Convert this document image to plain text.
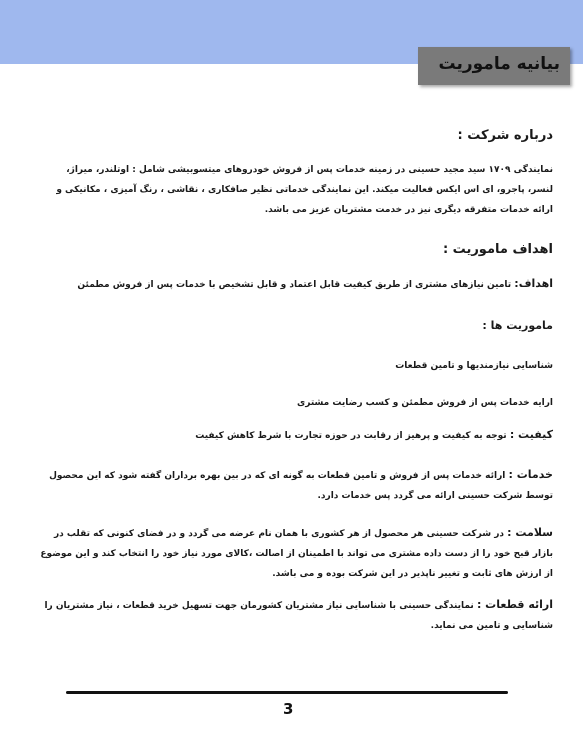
بیانیه ماموریت
درباره شرکت :
نمایندگی ۱۷۰۹ سید مجید حسینی در زمینه خدمات پس از فروش خودروهای میتسوبیشی شامل : اوتلندر، میراژ، لنسر، پاجرو، ای اس ایکس فعالیت میکند. این نمایندگی خدماتی نظیر صافکاری ، نقاشی ، رنگ آمیزی ، مکانیکی و ارائه خدمات متفرقه دیگری نیز در خدمت مشتریان عزیز می باشد.
اهداف ماموریت :
اهداف: تامین نیازهای مشتری از طریق کیفیت قابل اعتماد و قابل تشخیص با خدمات پس از فروش مطمئن
ماموریت ها :
شناسایی نیازمندیها و تامین قطعات
ارایه خدمات پس از فروش مطمئن و کسب رضایت مشتری
کیفیت : توجه به کیفیت و پرهیز از رقابت در حوزه تجارت با شرط کاهش کیفیت
خدمات : ارائه خدمات پس از فروش و تامین قطعات به گونه ای که در بین بهره برداران گفته شود که این محصول توسط شرکت حسینی ارائه می گردد پس خدمات دارد.
سلامت : در شرکت حسینی هر محصول از هر کشوری با همان نام عرضه می گردد و در فضای کنونی که تقلب در بازار قبح خود را از دست داده مشتری می تواند با اطمینان از اصالت ،کالای مورد نیاز خود را انتخاب کند و این موضوع از ارزش های ثابت و تغییر ناپذیر در این شرکت بوده و می باشد.
ارائه قطعات : نمایندگی حسینی با شناسایی نیاز مشتریان کشورمان جهت تسهیل خرید قطعات ، نیاز مشتریان را شناسایی و تامین می نماید.
3
